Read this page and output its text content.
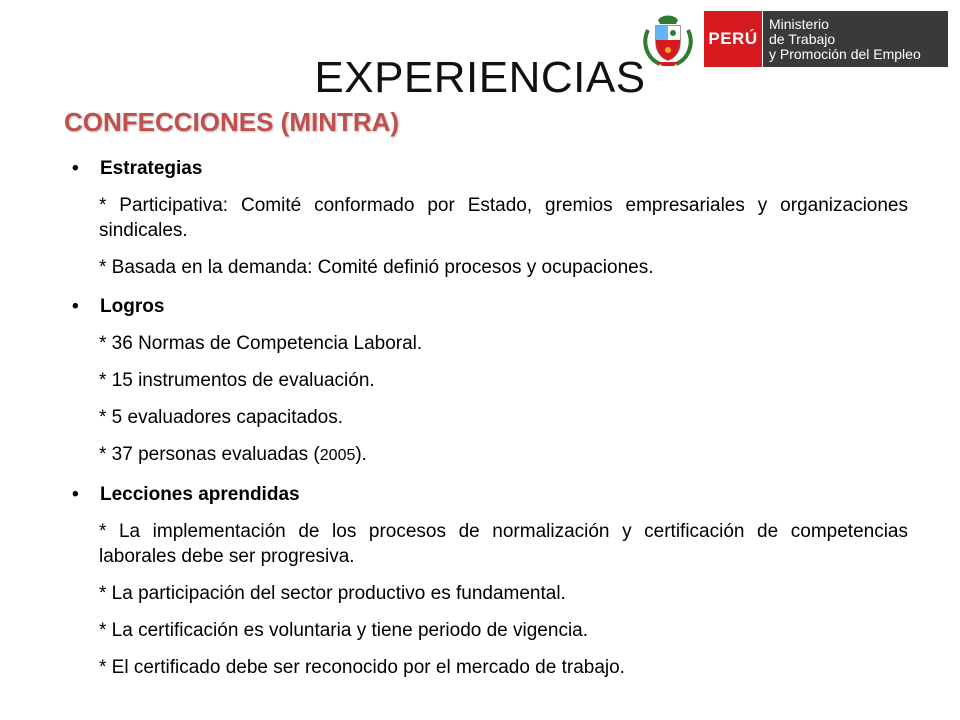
PERÚ
Ministerio
de Trabajo
y Promoción del Empleo
EXPERIENCIAS
CONFECCIONES (MINTRA)
• Estrategias
* Participativa: Comité conformado por Estado, gremios empresariales y organizaciones sindicales.
* Basada en la demanda: Comité definió procesos y ocupaciones.
• Logros
* 36 Normas de Competencia Laboral.
* 15 instrumentos de evaluación.
* 5 evaluadores capacitados.
* 37 personas evaluadas (2005).
• Lecciones aprendidas
* La implementación de los procesos de normalización y certificación de competencias laborales debe ser progresiva.
* La participación del sector productivo es fundamental.
* La certificación es voluntaria y tiene periodo de vigencia.
* El certificado debe ser reconocido por el mercado de trabajo.
